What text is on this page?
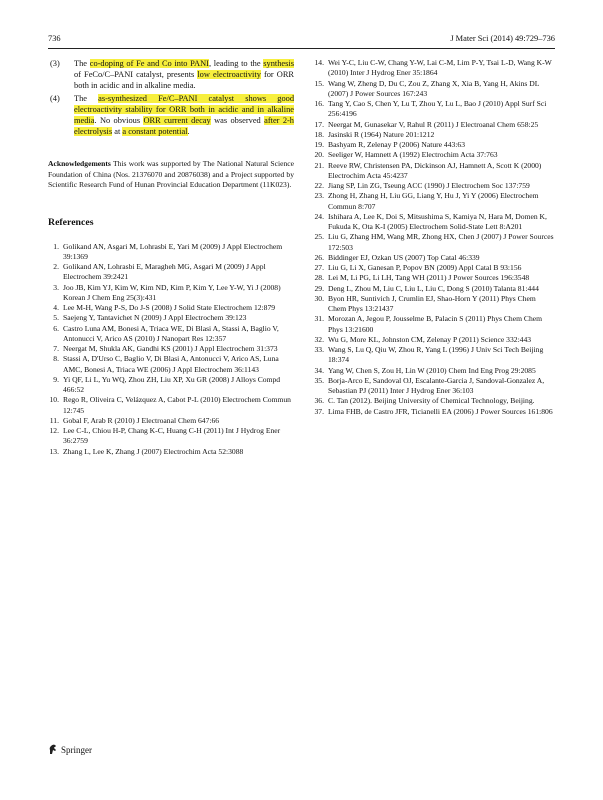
736	J Mater Sci (2014) 49:729–736
(3) The co-doping of Fe and Co into PANI, leading to the synthesis of FeCo/C–PANI catalyst, presents low electroactivity for ORR both in acidic and in alkaline media.
(4) The as-synthesized Fe/C–PANI catalyst shows good electroactivity stability for ORR both in acidic and in alkaline media. No obvious ORR current decay was observed after 2-h electrolysis at a constant potential.

Acknowledgements This work was supported by The National Natural Science Foundation of China (Nos. 21376070 and 20876038) and a Project supported by Scientific Research Fund of Hunan Provincial Education Department (11K023).

References
1. Golikand AN, Asgari M, Lohrasbi E, Yari M (2009) J Appl Electrochem 39:1369
2. Golikand AN, Lohrasbi E, Maragheh MG, Asgari M (2009) J Appl Electrochem 39:2421
3. Joo JB, Kim YJ, Kim W, Kim ND, Kim P, Kim Y, Lee Y-W, Yi J (2008) Korean J Chem Eng 25(3):431
4. Lee M-H, Wang P-S, Do J-S (2008) J Solid State Electrochem 12:879
5. Saejeng Y, Tantavichet N (2009) J Appl Electrochem 39:123
6. Castro Luna AM, Bonesi A, Triaca WE, Di Blasi A, Stassi A, Baglio V, Antonucci V, Arico AS (2010) J Nanopart Res 12:357
7. Neergat M, Shukla AK, Gandhi KS (2001) J Appl Electrochem 31:373
8. Stassi A, D'Urso C, Baglio V, Di Blasi A, Antonucci V, Arico AS, Luna AMC, Bonesi A, Triaca WE (2006) J Appl Electrochem 36:1143
9. Yi QF, Li L, Yu WQ, Zhou ZH, Liu XP, Xu GR (2008) J Alloys Compd 466:52
10. Rego R, Oliveira C, Velázquez A, Cabot P-L (2010) Electrochem Commun 12:745
11. Gobal F, Arab R (2010) J Electroanal Chem 647:66
12. Lee C-L, Chiou H-P, Chang K-C, Huang C-H (2011) Int J Hydrog Ener 36:2759
13. Zhang L, Lee K, Zhang J (2007) Electrochim Acta 52:3088
14. Wei Y-C, Liu C-W, Chang Y-W, Lai C-M, Lim P-Y, Tsai L-D, Wang K-W (2010) Inter J Hydrog Ener 35:1864
15. Wang W, Zheng D, Du C, Zou Z, Zhang X, Xia B, Yang H, Akins DL (2007) J Power Sources 167:243
16. Tang Y, Cao S, Chen Y, Lu T, Zhou Y, Lu L, Bao J (2010) Appl Surf Sci 256:4196
17. Neergat M, Gunasekar V, Rahul R (2011) J Electroanal Chem 658:25
18. Jasinski R (1964) Nature 201:1212
19. Bashyam R, Zelenay P (2006) Nature 443:63
20. Seeliger W, Hamnett A (1992) Electrochim Acta 37:763
21. Reeve RW, Christensen PA, Dickinson AJ, Hamnett A, Scott K (2000) Electrochim Acta 45:4237
22. Jiang SP, Lin ZG, Tseung ACC (1990) J Electrochem Soc 137:759
23. Zhong H, Zhang H, Liu GG, Liang Y, Hu J, Yi Y (2006) Electrochem Commun 8:707
24. Ishihara A, Lee K, Doi S, Mitsushima S, Kamiya N, Hara M, Domen K, Fukuda K, Ota K-I (2005) Electrochem Solid-State Lett 8:A201
25. Liu G, Zhang HM, Wang MR, Zhong HX, Chen J (2007) J Power Sources 172:503
26. Biddinger EJ, Ozkan US (2007) Top Catal 46:339
27. Liu G, Li X, Ganesan P, Popov BN (2009) Appl Catal B 93:156
28. Lei M, Li PG, Li LH, Tang WH (2011) J Power Sources 196:3548
29. Deng L, Zhou M, Liu C, Liu L, Liu C, Dong S (2010) Talanta 81:444
30. Byon HR, Suntivich J, Crumlin EJ, Shao-Horn Y (2011) Phys Chem Chem Phys 13:21437
31. Morozan A, Jegou P, Jousselme B, Palacin S (2011) Phys Chem Chem Phys 13:21600
32. Wu G, More KL, Johnston CM, Zelenay P (2011) Science 332:443
33. Wang S, Lu Q, Qiu W, Zhou R, Yang L (1996) J Univ Sci Tech Beijing 18:374
34. Yang W, Chen S, Zou H, Lin W (2010) Chem Ind Eng Prog 29:2085
35. Borja-Arco E, Sandoval OJ, Escalante-Garcia J, Sandoval-Gonzalez A, Sebastian PJ (2011) Inter J Hydrog Ener 36:103
36. C. Tan (2012). Beijing University of Chemical Technology, Beijing.
37. Lima FHB, de Castro JFR, Ticianelli EA (2006) J Power Sources 161:806
Springer
